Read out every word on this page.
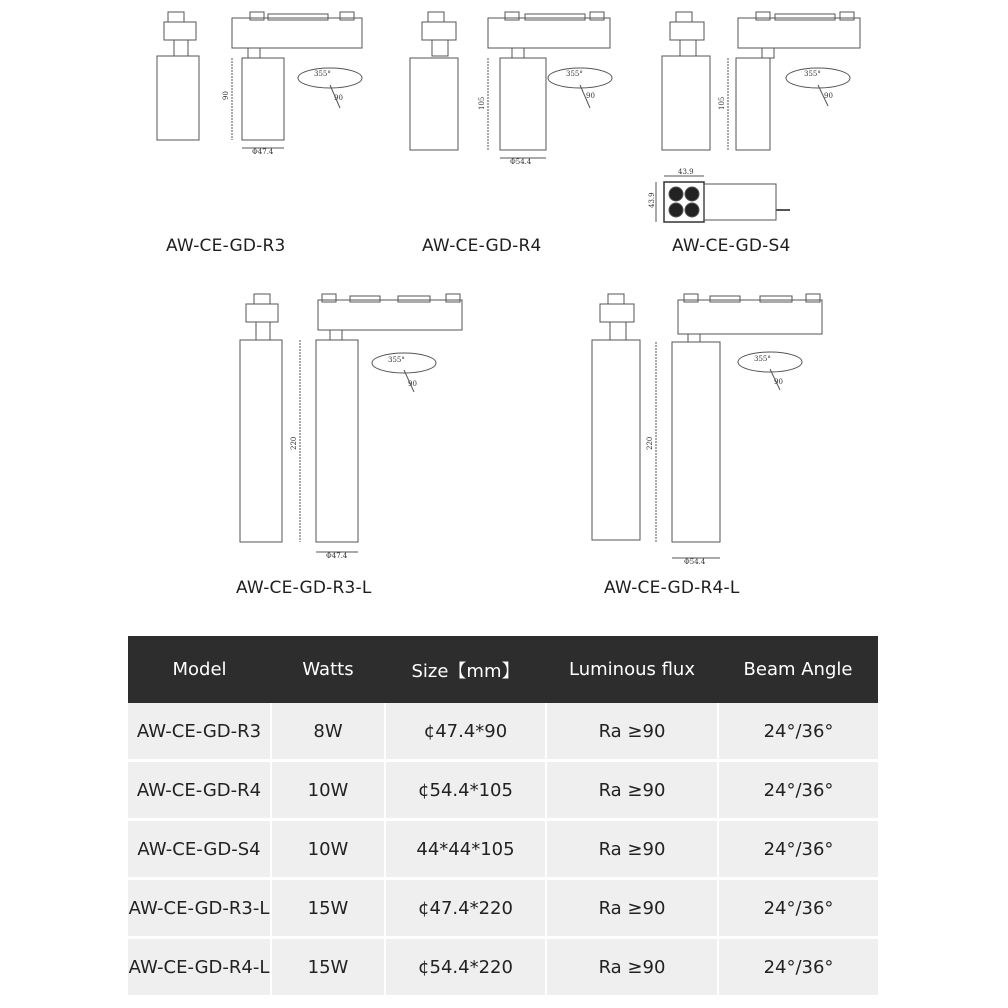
90
Φ47.4
355°
90	105
Φ54.4
355°
90
105
355°
90
43.9
43.9
220
Φ47.4
355°
90
220
Φ54.4
355°
90
AW-CE-GD-R3	AW-CE-GD-R4	AW-CE-GD-S4
AW-CE-GD-R3-L	AW-CE-GD-R4-L
Model	Watts	Size【mm】	Luminous flux	Beam Angle
AW-CE-GD-R3	8W	¢47.4*90	Ra ≥90	24°/36°
AW-CE-GD-R4	10W	¢54.4*105	Ra ≥90	24°/36°
AW-CE-GD-S4	10W	44*44*105	Ra ≥90	24°/36°
AW-CE-GD-R3-L	15W	¢47.4*220	Ra ≥90	24°/36°
AW-CE-GD-R4-L	15W	¢54.4*220	Ra ≥90	24°/36°
